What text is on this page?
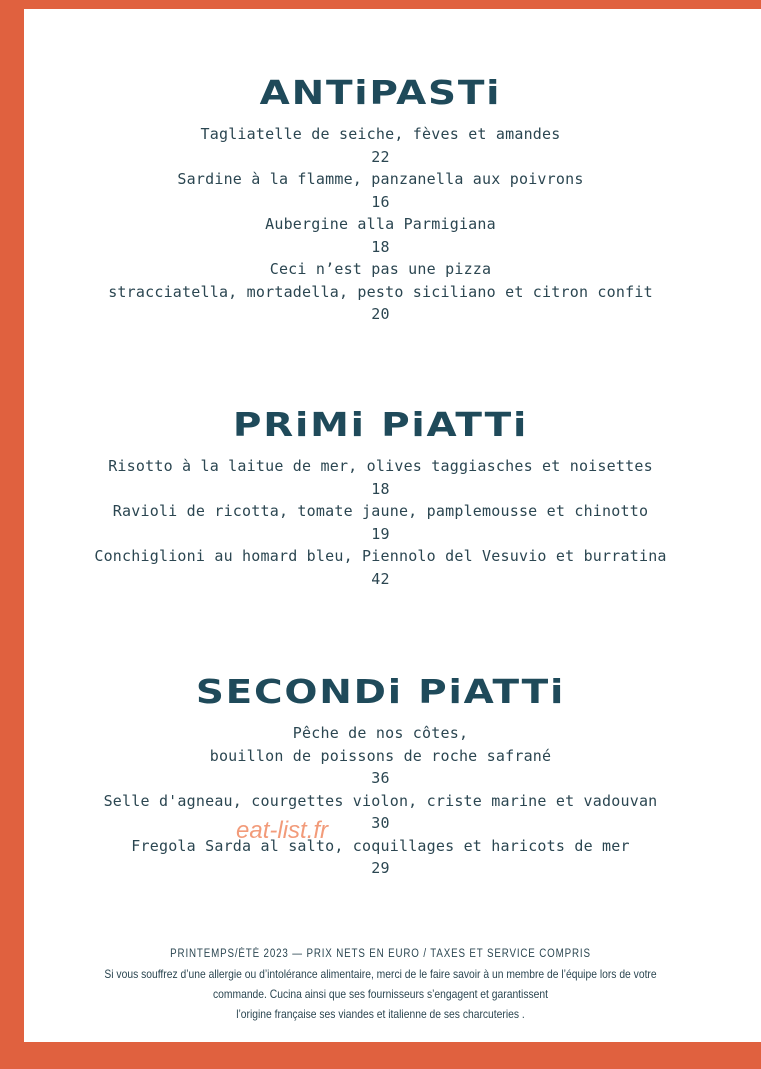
ANTiPASTi
Tagliatelle de seiche, fèves et amandes
22
Sardine à la flamme, panzanella aux poivrons
16
Aubergine alla Parmigiana
18
Ceci n’est pas une pizza
stracciatella, mortadella, pesto siciliano et citron confit
20
PRiMi PiATTi
Risotto à la laitue de mer, olives taggiasches et noisettes
18
Ravioli de ricotta, tomate jaune, pamplemousse et chinotto
19
Conchiglioni au homard bleu, Piennolo del Vesuvio et burratina
42
SECONDi PiATTi
Pêche de nos côtes,
bouillon de poissons de roche safrané
36
Selle d'agneau, courgettes violon, criste marine et vadouvan
30
Fregola Sarda al salto, coquillages et haricots de mer
29
PRINTEMPS/ÉTÉ 2023 — PRIX NETS EN EURO / TAXES ET SERVICE COMPRIS
Si vous souffrez d’une allergie ou d’intolérance alimentaire, merci de le faire savoir à un membre de l’équipe lors de votre
commande. Cucina ainsi que ses fournisseurs s’engagent et garantissent
l’origine française ses viandes et italienne de ses charcuteries .
eat-list.fr
